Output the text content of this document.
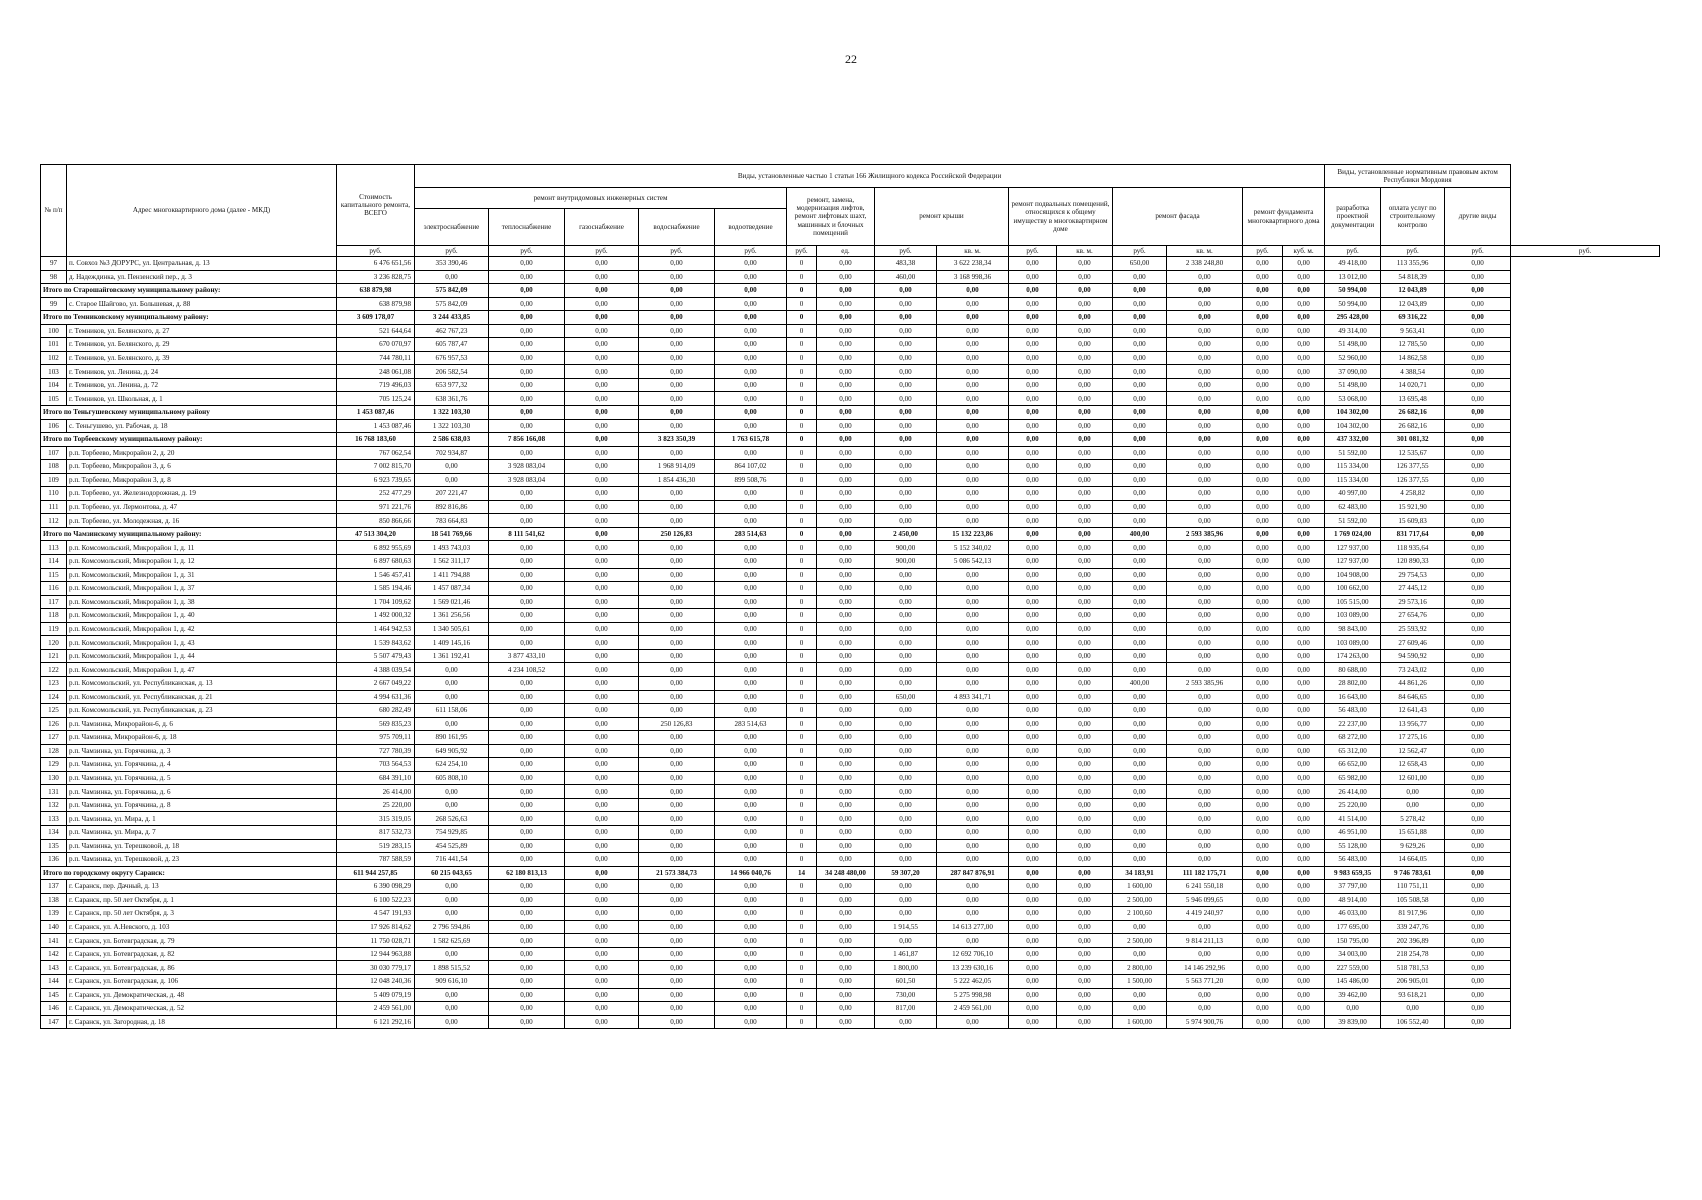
22
№ п/п	Адрес многоквартирного дома (далее - МКД)	Стоимость капитального ремонта, ВСЕГО	Виды, установленные частью 1 статьи 166 Жилищного кодекса Российской Федерации															Виды, установленные нормативным правовым актом Республики Мордовия			
			ремонт внутридомовых инженерных систем					ремонт, замена, модернизация лифтов, ремонт лифтовых шахт, машинных и блочных помещений		ремонт крыши		ремонт подвальных помещений, относящихся к общему имуществу в многоквартирном доме		ремонт фасада		ремонт фундамента многоквартирного дома		разработка проектной документации	оплата услуг по строительному контролю	другие виды	
			электроснабжение	теплоснабжение	газоснабжение	водоснабжение	водоотведение														
		руб.	руб.	руб.	руб.	руб.	руб.	руб.	ед.	руб.	кв. м.	руб.	кв. м.	руб.	кв. м.	руб.	куб. м.	руб.	руб.	руб.	руб.
97	п. Совхоз №3 ДОРУРС, ул. Центральная, д. 13	6 476 651,56	353 390,46	0,00	0,00	0,00	0,00	0	0,00	483,38	3 622 238,34	0,00	0,00	650,00	2 338 248,80	0,00	0,00	49 418,00	113 355,96	0,00	
98	д. Надеждинка, ул. Пензенский пер., д. 3	3 236 828,75	0,00	0,00	0,00	0,00	0,00	0	0,00	460,00	3 168 998,36	0,00	0,00	0,00	0,00	0,00	0,00	13 012,00	54 818,39	0,00	
Итого по Старошайговскому муниципальному району:		638 879,98	575 842,09	0,00	0,00	0,00	0,00	0	0,00	0,00	0,00	0,00	0,00	0,00	0,00	0,00	0,00	50 994,00	12 043,89	0,00	
99	с. Старое Шайгово, ул. Большевая, д. 88	638 879,98	575 842,09	0,00	0,00	0,00	0,00	0	0,00	0,00	0,00	0,00	0,00	0,00	0,00	0,00	0,00	50 994,00	12 043,89	0,00	
Итого по Темниковскому муниципальному району:		3 609 178,07	3 244 433,85	0,00	0,00	0,00	0,00	0	0,00	0,00	0,00	0,00	0,00	0,00	0,00	0,00	0,00	295 428,00	69 316,22	0,00	
100	г. Темников, ул. Белянского, д. 27	521 644,64	462 767,23	0,00	0,00	0,00	0,00	0	0,00	0,00	0,00	0,00	0,00	0,00	0,00	0,00	0,00	49 314,00	9 563,41	0,00	
101	г. Темников, ул. Белянского, д. 29	670 070,97	605 787,47	0,00	0,00	0,00	0,00	0	0,00	0,00	0,00	0,00	0,00	0,00	0,00	0,00	0,00	51 498,00	12 785,50	0,00	
102	г. Темников, ул. Белянского, д. 39	744 780,11	676 957,53	0,00	0,00	0,00	0,00	0	0,00	0,00	0,00	0,00	0,00	0,00	0,00	0,00	0,00	52 960,00	14 862,58	0,00	
103	г. Темников, ул. Ленина, д. 24	248 061,08	206 582,54	0,00	0,00	0,00	0,00	0	0,00	0,00	0,00	0,00	0,00	0,00	0,00	0,00	0,00	37 090,00	4 388,54	0,00	
104	г. Темников, ул. Ленина, д. 72	719 496,03	653 977,32	0,00	0,00	0,00	0,00	0	0,00	0,00	0,00	0,00	0,00	0,00	0,00	0,00	0,00	51 498,00	14 020,71	0,00	
105	г. Темников, ул. Школьная, д. 1	705 125,24	638 361,76	0,00	0,00	0,00	0,00	0	0,00	0,00	0,00	0,00	0,00	0,00	0,00	0,00	0,00	53 068,00	13 695,48	0,00	
Итого по Теньгушевскому муниципальному району		1 453 087,46	1 322 103,30	0,00	0,00	0,00	0,00	0	0,00	0,00	0,00	0,00	0,00	0,00	0,00	0,00	0,00	104 302,00	26 682,16	0,00	
106	с. Теньгушево, ул. Рабочая, д. 18	1 453 087,46	1 322 103,30	0,00	0,00	0,00	0,00	0	0,00	0,00	0,00	0,00	0,00	0,00	0,00	0,00	0,00	104 302,00	26 682,16	0,00	
Итого по Торбеевскому муниципальному району:		16 768 183,60	2 586 638,03	7 856 166,08	0,00	3 823 350,39	1 763 615,78	0	0,00	0,00	0,00	0,00	0,00	0,00	0,00	0,00	0,00	437 332,00	301 081,32	0,00	
107	р.п. Торбеево, Микрорайон 2, д. 20	767 062,54	702 934,87	0,00	0,00	0,00	0,00	0	0,00	0,00	0,00	0,00	0,00	0,00	0,00	0,00	0,00	51 592,00	12 535,67	0,00	
108	р.п. Торбеево, Микрорайон 3, д. 6	7 002 815,70	0,00	3 928 083,04	0,00	1 968 914,09	864 107,02	0	0,00	0,00	0,00	0,00	0,00	0,00	0,00	0,00	0,00	115 334,00	126 377,55	0,00	
109	р.п. Торбеево, Микрорайон 3, д. 8	6 923 739,65	0,00	3 928 083,04	0,00	1 854 436,30	899 508,76	0	0,00	0,00	0,00	0,00	0,00	0,00	0,00	0,00	0,00	115 334,00	126 377,55	0,00	
110	р.п. Торбеево, ул. Железнодорожная, д. 19	252 477,29	207 221,47	0,00	0,00	0,00	0,00	0	0,00	0,00	0,00	0,00	0,00	0,00	0,00	0,00	0,00	40 997,00	4 258,82	0,00	
111	р.п. Торбеево, ул. Лермонтова, д. 47	971 221,76	892 816,86	0,00	0,00	0,00	0,00	0	0,00	0,00	0,00	0,00	0,00	0,00	0,00	0,00	0,00	62 483,00	15 921,90	0,00	
112	р.п. Торбеево, ул. Молодежная, д. 16	850 866,66	783 664,83	0,00	0,00	0,00	0,00	0	0,00	0,00	0,00	0,00	0,00	0,00	0,00	0,00	0,00	51 592,00	15 609,83	0,00	
Итого по Чамзинскому муниципальному району:		47 513 304,20	18 541 769,66	8 111 541,62	0,00	250 126,83	283 514,63	0	0,00	2 450,00	15 132 223,86	0,00	0,00	400,00	2 593 385,96	0,00	0,00	1 769 024,00	831 717,64	0,00	
113	р.п. Комсомольский, Микрорайон 1, д. 11	6 892 955,69	1 493 743,03	0,00	0,00	0,00	0,00	0	0,00	900,00	5 152 340,02	0,00	0,00	0,00	0,00	0,00	0,00	127 937,00	118 935,64	0,00	
114	р.п. Комсомольский, Микрорайон 1, д. 12	6 897 680,63	1 562 311,17	0,00	0,00	0,00	0,00	0	0,00	900,00	5 086 542,13	0,00	0,00	0,00	0,00	0,00	0,00	127 937,00	120 890,33	0,00	
115	р.п. Комсомольский, Микрорайон 1, д. 31	1 546 457,41	1 411 794,88	0,00	0,00	0,00	0,00	0	0,00	0,00	0,00	0,00	0,00	0,00	0,00	0,00	0,00	104 908,00	29 754,53	0,00	
116	р.п. Комсомольский, Микрорайон 1, д. 37	1 585 194,46	1 457 087,34	0,00	0,00	0,00	0,00	0	0,00	0,00	0,00	0,00	0,00	0,00	0,00	0,00	0,00	100 662,00	27 445,12	0,00	
117	р.п. Комсомольский, Микрорайон 1, д. 38	1 704 109,62	1 569 021,46	0,00	0,00	0,00	0,00	0	0,00	0,00	0,00	0,00	0,00	0,00	0,00	0,00	0,00	105 515,00	29 573,16	0,00	
118	р.п. Комсомольский, Микрорайон 1, д. 40	1 492 000,32	1 361 256,56	0,00	0,00	0,00	0,00	0	0,00	0,00	0,00	0,00	0,00	0,00	0,00	0,00	0,00	103 089,00	27 654,76	0,00	
119	р.п. Комсомольский, Микрорайон 1, д. 42	1 464 942,53	1 340 505,61	0,00	0,00	0,00	0,00	0	0,00	0,00	0,00	0,00	0,00	0,00	0,00	0,00	0,00	98 843,00	25 593,92	0,00	
120	р.п. Комсомольский, Микрорайон 1, д. 43	1 539 843,62	1 409 145,16	0,00	0,00	0,00	0,00	0	0,00	0,00	0,00	0,00	0,00	0,00	0,00	0,00	0,00	103 089,00	27 609,46	0,00	
121	р.п. Комсомольский, Микрорайон 1, д. 44	5 507 479,43	1 361 192,41	3 877 433,10	0,00	0,00	0,00	0	0,00	0,00	0,00	0,00	0,00	0,00	0,00	0,00	0,00	174 263,00	94 590,92	0,00	
122	р.п. Комсомольский, Микрорайон 1, д. 47	4 388 039,54	0,00	4 234 108,52	0,00	0,00	0,00	0	0,00	0,00	0,00	0,00	0,00	0,00	0,00	0,00	0,00	80 688,00	73 243,02	0,00	
123	р.п. Комсомольский, ул. Республиканская, д. 13	2 667 049,22	0,00	0,00	0,00	0,00	0,00	0	0,00	0,00	0,00	0,00	0,00	400,00	2 593 385,96	0,00	0,00	28 802,00	44 861,26	0,00	
124	р.п. Комсомольский, ул. Республиканская, д. 21	4 994 631,36	0,00	0,00	0,00	0,00	0,00	0	0,00	650,00	4 893 341,71	0,00	0,00	0,00	0,00	0,00	0,00	16 643,00	84 646,65	0,00	
125	р.п. Комсомольский, ул. Республиканская, д. 23	680 282,49	611 158,06	0,00	0,00	0,00	0,00	0	0,00	0,00	0,00	0,00	0,00	0,00	0,00	0,00	0,00	56 483,00	12 641,43	0,00	
126	р.п. Чамзинка, Микрорайон-6, д. 6	569 835,23	0,00	0,00	0,00	250 126,83	283 514,63	0	0,00	0,00	0,00	0,00	0,00	0,00	0,00	0,00	0,00	22 237,00	13 956,77	0,00	
127	р.п. Чамзинка, Микрорайон-6, д. 18	975 709,11	890 161,95	0,00	0,00	0,00	0,00	0	0,00	0,00	0,00	0,00	0,00	0,00	0,00	0,00	0,00	68 272,00	17 275,16	0,00	
128	р.п. Чамзинка, ул. Горячкина, д. 3	727 780,39	649 905,92	0,00	0,00	0,00	0,00	0	0,00	0,00	0,00	0,00	0,00	0,00	0,00	0,00	0,00	65 312,00	12 562,47	0,00	
129	р.п. Чамзинка, ул. Горячкина, д. 4	703 564,53	624 254,10	0,00	0,00	0,00	0,00	0	0,00	0,00	0,00	0,00	0,00	0,00	0,00	0,00	0,00	66 652,00	12 658,43	0,00	
130	р.п. Чамзинка, ул. Горячкина, д. 5	684 391,10	605 808,10	0,00	0,00	0,00	0,00	0	0,00	0,00	0,00	0,00	0,00	0,00	0,00	0,00	0,00	65 982,00	12 601,00	0,00	
131	р.п. Чамзинка, ул. Горячкина, д. 6	26 414,00	0,00	0,00	0,00	0,00	0,00	0	0,00	0,00	0,00	0,00	0,00	0,00	0,00	0,00	0,00	26 414,00	0,00	0,00	
132	р.п. Чамзинка, ул. Горячкина, д. 8	25 220,00	0,00	0,00	0,00	0,00	0,00	0	0,00	0,00	0,00	0,00	0,00	0,00	0,00	0,00	0,00	25 220,00	0,00	0,00	
133	р.п. Чамзинка, ул. Мира, д. 1	315 319,05	268 526,63	0,00	0,00	0,00	0,00	0	0,00	0,00	0,00	0,00	0,00	0,00	0,00	0,00	0,00	41 514,00	5 278,42	0,00	
134	р.п. Чамзинка, ул. Мира, д. 7	817 532,73	754 929,85	0,00	0,00	0,00	0,00	0	0,00	0,00	0,00	0,00	0,00	0,00	0,00	0,00	0,00	46 951,00	15 651,88	0,00	
135	р.п. Чамзинка, ул. Терешковой, д. 18	519 283,15	454 525,89	0,00	0,00	0,00	0,00	0	0,00	0,00	0,00	0,00	0,00	0,00	0,00	0,00	0,00	55 128,00	9 629,26	0,00	
136	р.п. Чамзинка, ул. Терешковой, д. 23	787 588,59	716 441,54	0,00	0,00	0,00	0,00	0	0,00	0,00	0,00	0,00	0,00	0,00	0,00	0,00	0,00	56 483,00	14 664,05	0,00	
Итого по городскому округу Саранск:		611 944 257,85	60 215 043,65	62 180 813,13	0,00	21 573 384,73	14 966 040,76	14	34 248 480,00	59 307,20	287 847 876,91	0,00	0,00	34 183,91	111 182 175,71	0,00	0,00	9 983 659,35	9 746 783,61	0,00	
137	г. Саранск, пер. Дачный, д. 13	6 390 098,29	0,00	0,00	0,00	0,00	0,00	0	0,00	0,00	0,00	0,00	0,00	1 600,00	6 241 550,18	0,00	0,00	37 797,00	110 751,11	0,00	
138	г. Саранск, пр. 50 лет Октября, д. 1	6 100 522,23	0,00	0,00	0,00	0,00	0,00	0	0,00	0,00	0,00	0,00	0,00	2 500,00	5 946 099,65	0,00	0,00	48 914,00	105 508,58	0,00	
139	г. Саранск, пр. 50 лет Октября, д. 3	4 547 191,93	0,00	0,00	0,00	0,00	0,00	0	0,00	0,00	0,00	0,00	0,00	2 100,60	4 419 240,97	0,00	0,00	46 033,00	81 917,96	0,00	
140	г. Саранск, ул. А.Невского, д. 103	17 926 814,62	2 796 594,86	0,00	0,00	0,00	0,00	0	0,00	1 914,55	14 613 277,00	0,00	0,00	0,00	0,00	0,00	0,00	177 695,00	339 247,76	0,00	
141	г. Саранск, ул. Ботевградская, д. 79	11 750 028,71	1 582 625,69	0,00	0,00	0,00	0,00	0	0,00	0,00	0,00	0,00	0,00	2 500,00	9 814 211,13	0,00	0,00	150 795,00	202 396,89	0,00	
142	г. Саранск, ул. Ботевградская, д. 82	12 944 963,88	0,00	0,00	0,00	0,00	0,00	0	0,00	1 461,87	12 692 706,10	0,00	0,00	0,00	0,00	0,00	0,00	34 003,00	218 254,78	0,00	
143	г. Саранск, ул. Ботевградская, д. 86	30 030 779,17	1 898 515,52	0,00	0,00	0,00	0,00	0	0,00	1 800,00	13 239 630,16	0,00	0,00	2 800,00	14 146 292,96	0,00	0,00	227 559,00	518 781,53	0,00	
144	г. Саранск, ул. Ботевградская, д. 106	12 048 240,36	909 616,10	0,00	0,00	0,00	0,00	0	0,00	601,50	5 222 462,05	0,00	0,00	1 500,00	5 563 771,20	0,00	0,00	145 486,00	206 905,01	0,00	
145	г. Саранск, ул. Демократическая, д. 48	5 409 079,19	0,00	0,00	0,00	0,00	0,00	0	0,00	730,00	5 275 998,98	0,00	0,00	0,00	0,00	0,00	0,00	39 462,00	93 618,21	0,00	
146	г. Саранск, ул. Демократическая, д. 52	2 459 561,00	0,00	0,00	0,00	0,00	0,00	0	0,00	817,00	2 459 561,00	0,00	0,00	0,00	0,00	0,00	0,00	0,00	0,00	0,00	
147	г. Саранск, ул. Загородная, д. 18	6 121 292,16	0,00	0,00	0,00	0,00	0,00	0	0,00	0,00	0,00	0,00	0,00	1 600,00	5 974 900,76	0,00	0,00	39 839,00	106 552,40	0,00	
